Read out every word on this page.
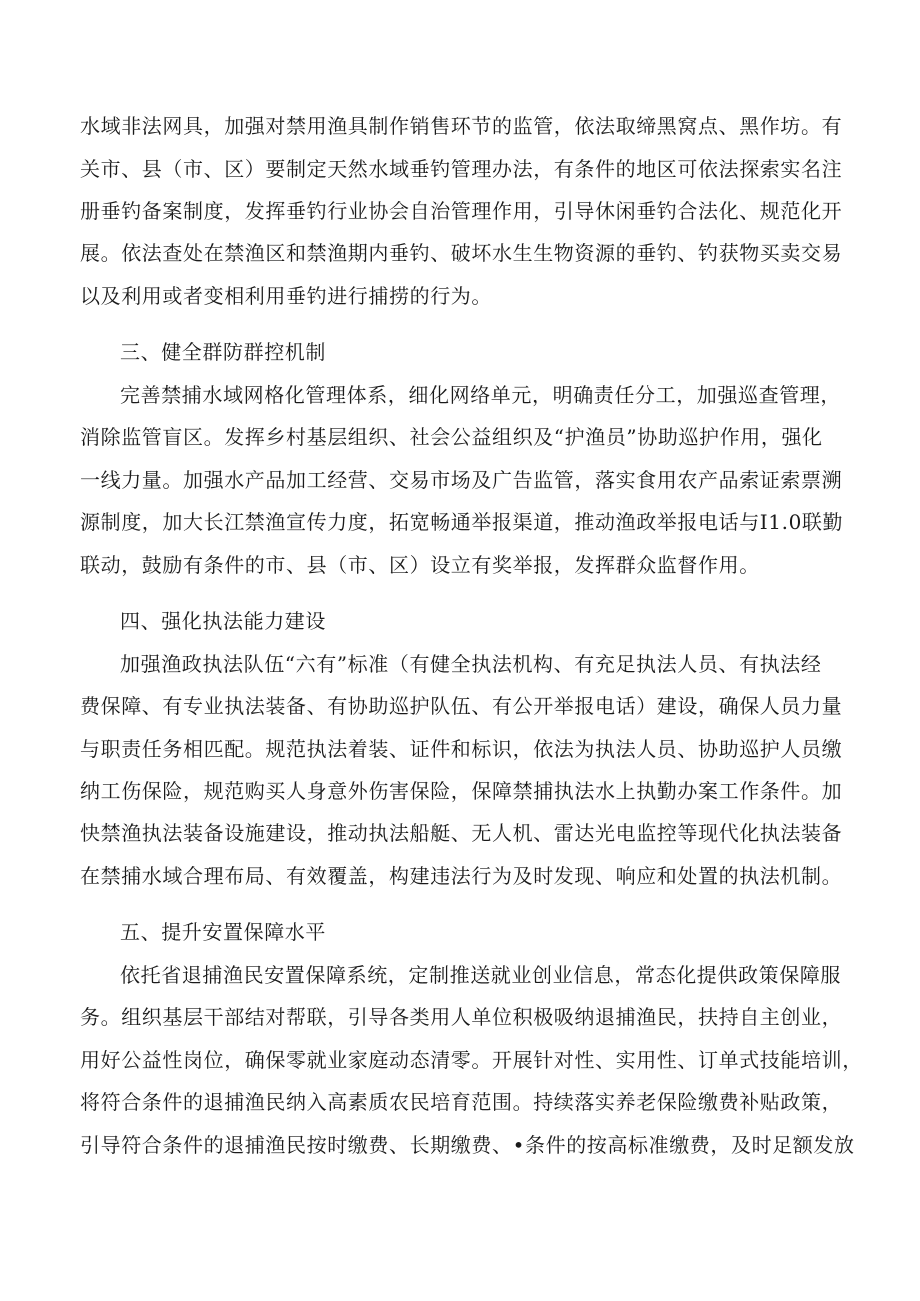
水域非法网具，加强对禁用渔具制作销售环节的监管，依法取缔黑窝点、黑作坊。有
关市、县（市、区）要制定天然水域垂钓管理办法，有条件的地区可依法探索实名注
册垂钓备案制度，发挥垂钓行业协会自治管理作用，引导休闲垂钓合法化、规范化开
展。依法查处在禁渔区和禁渔期内垂钓、破坏水生生物资源的垂钓、钓获物买卖交易
以及利用或者变相利用垂钓进行捕捞的行为。
三、健全群防群控机制
完善禁捕水域网格化管理体系，细化网络单元，明确责任分工，加强巡查管理，
消除监管盲区。发挥乡村基层组织、社会公益组织及“护渔员”协助巡护作用，强化
一线力量。加强水产品加工经营、交易市场及广告监管，落实食用农产品索证索票溯
源制度，加大长江禁渔宣传力度，拓宽畅通举报渠道，推动渔政举报电话与I1.0联勤
联动，鼓励有条件的市、县（市、区）设立有奖举报，发挥群众监督作用。
四、强化执法能力建设
加强渔政执法队伍“六有”标准（有健全执法机构、有充足执法人员、有执法经
费保障、有专业执法装备、有协助巡护队伍、有公开举报电话）建设，确保人员力量
与职责任务相匹配。规范执法着装、证件和标识，依法为执法人员、协助巡护人员缴
纳工伤保险，规范购买人身意外伤害保险，保障禁捕执法水上执勤办案工作条件。加
快禁渔执法装备设施建设，推动执法船艇、无人机、雷达光电监控等现代化执法装备
在禁捕水域合理布局、有效覆盖，构建违法行为及时发现、响应和处置的执法机制。
五、提升安置保障水平
依托省退捕渔民安置保障系统，定制推送就业创业信息，常态化提供政策保障服
务。组织基层干部结对帮联，引导各类用人单位积极吸纳退捕渔民，扶持自主创业，
用好公益性岗位，确保零就业家庭动态清零。开展针对性、实用性、订单式技能培训，
将符合条件的退捕渔民纳入高素质农民培育范围。持续落实养老保险缴费补贴政策，
引导符合条件的退捕渔民按时缴费、长期缴费、•条件的按高标准缴费，及时足额发放
